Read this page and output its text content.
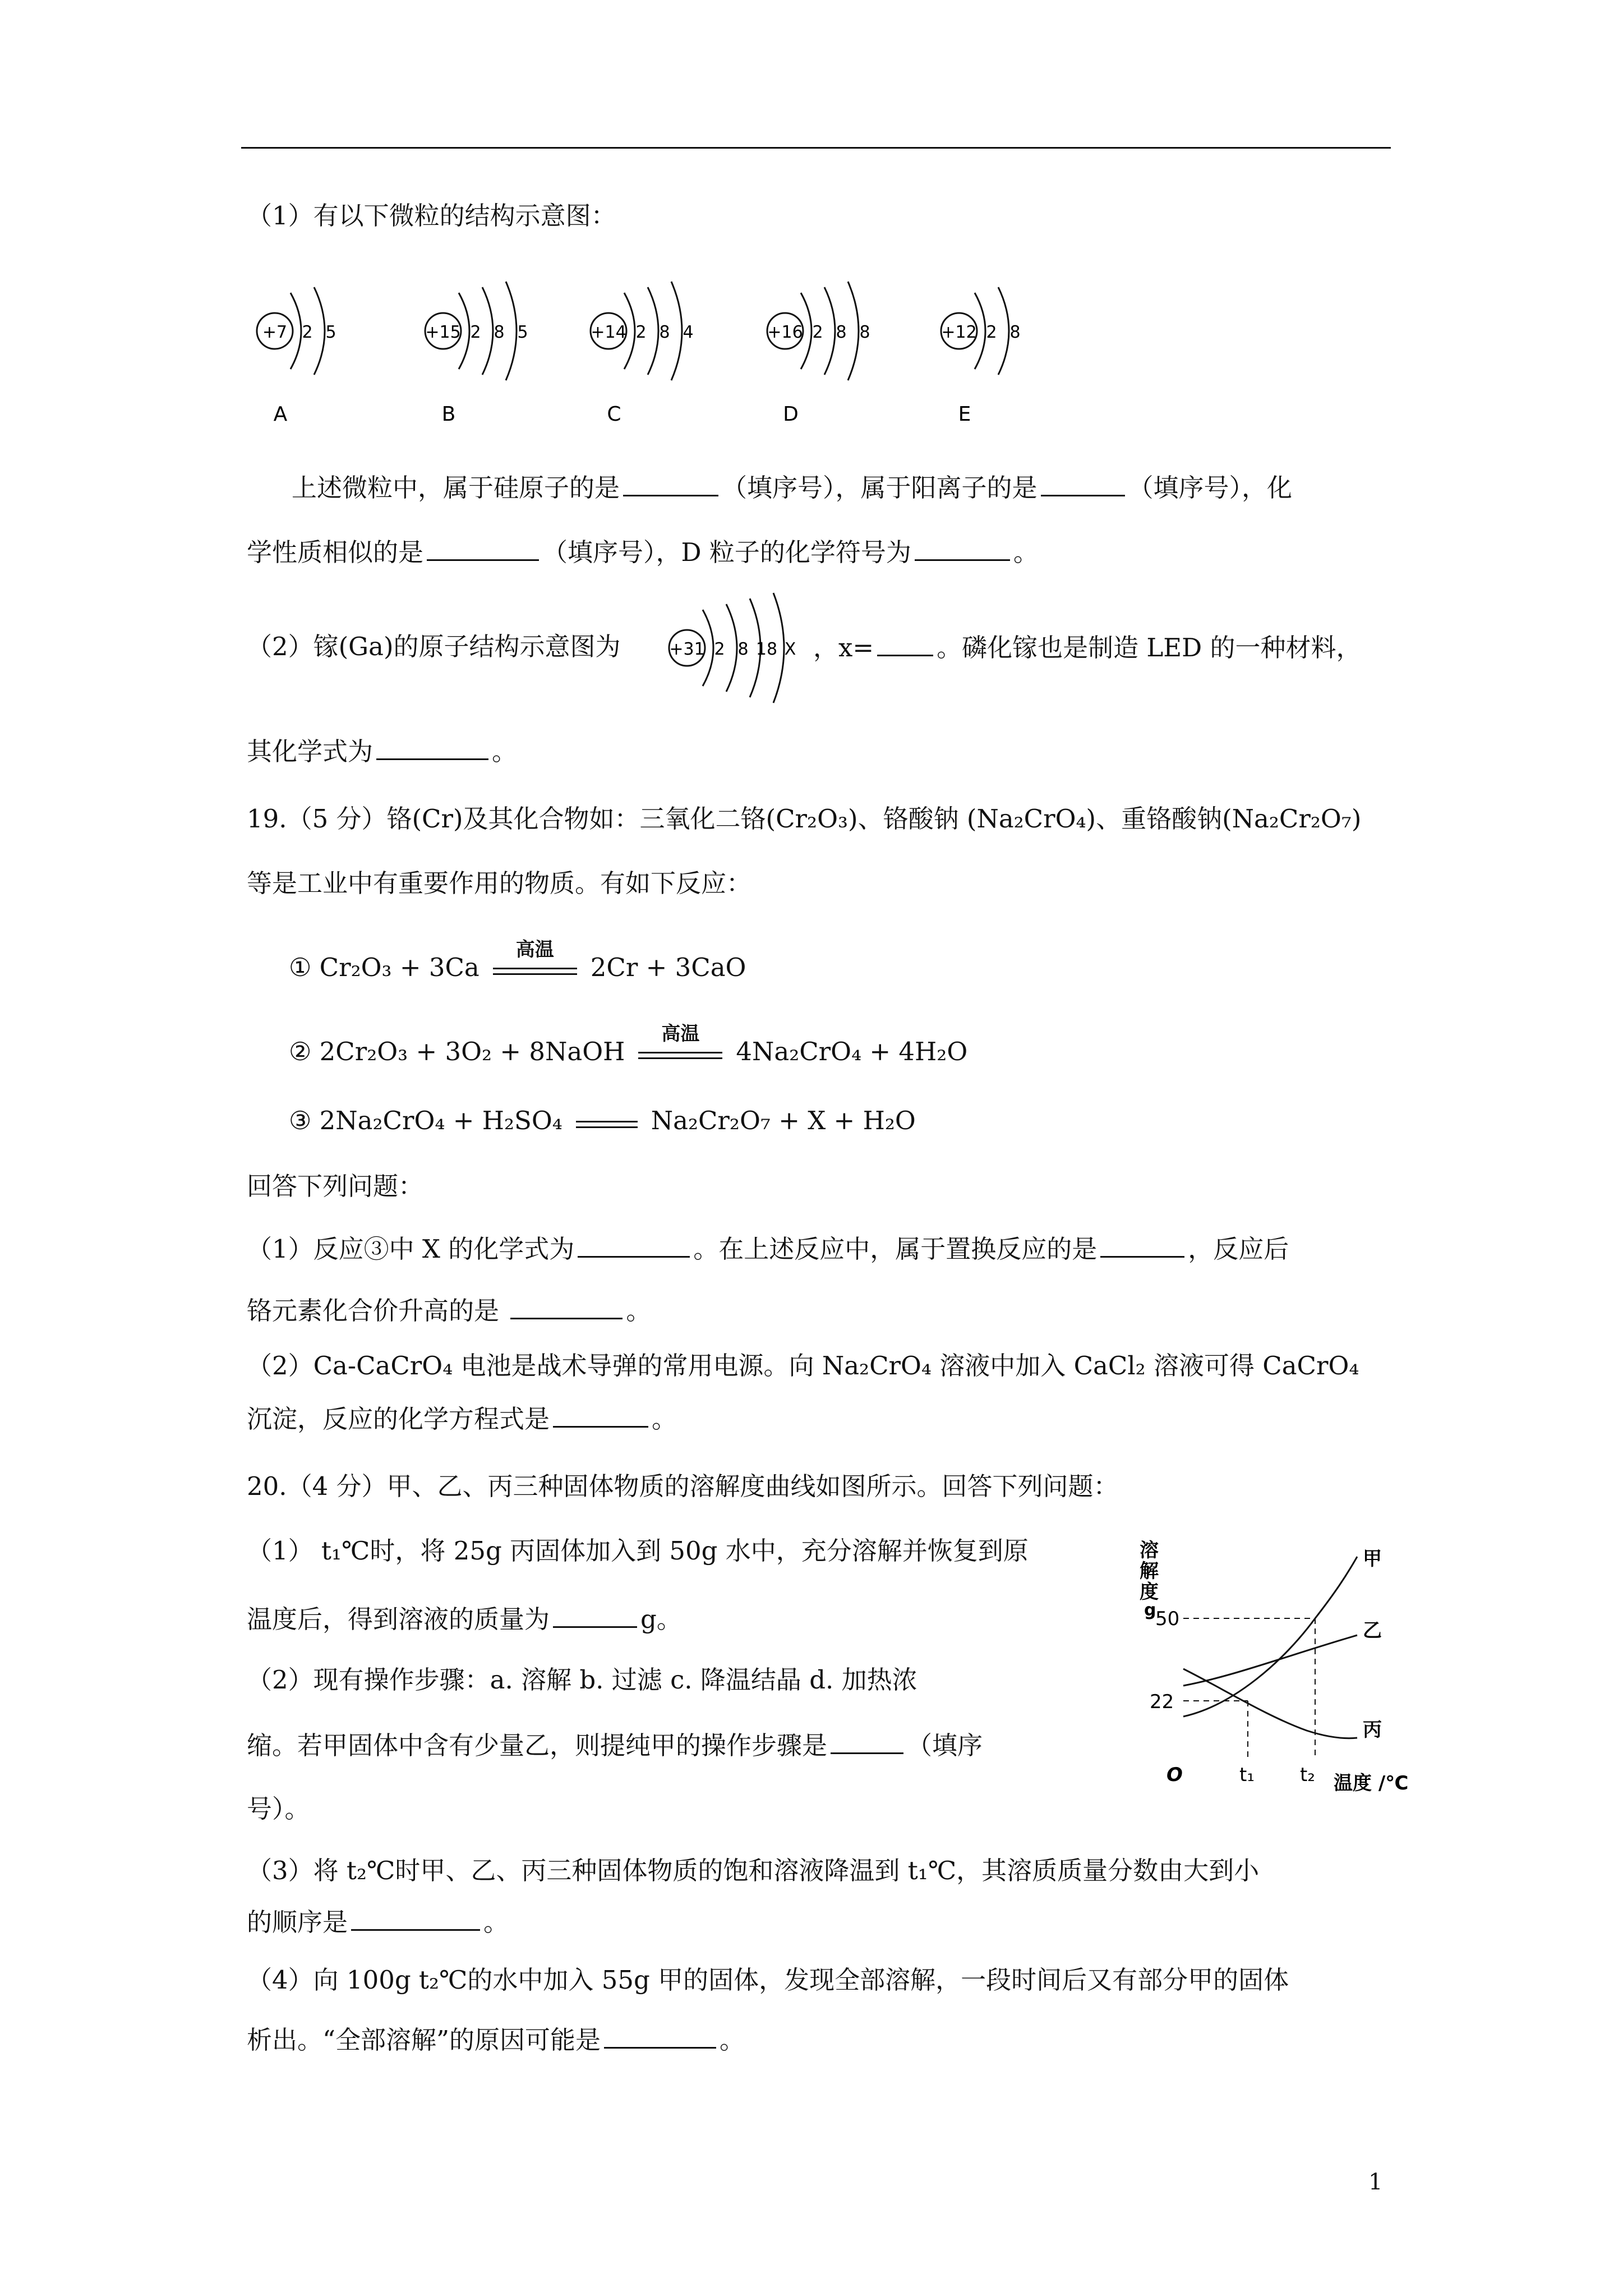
（1）有以下微粒的结构示意图：
+7 2 5
A
+15 2 8 5
B
+14 2 8 4
C
+16 2 8 8
D
+12 2 8
E
上述微粒中，属于硅原子的是	（填序号），属于阳离子的是	（填序号），化
学性质相似的是	（填序号），D 粒子的化学符号为	。
（2）镓(Ga)的原子结构示意图为	+31 2 8 18 X ，x= 。磷化镓也是制造 LED 的一种材料，
其化学式为	。
19.（5 分）铬(Cr)及其化合物如：三氧化二铬(Cr₂O₃)、铬酸钠 (Na₂CrO₄)、重铬酸钠(Na₂Cr₂O₇)
等是工业中有重要作用的物质。有如下反应：
① Cr₂O₃ + 3Ca
高温
2Cr + 3CaO
② 2Cr₂O₃ + 3O₂ + 8NaOH
高温
4Na₂CrO₄ + 4H₂O
③ 2Na₂CrO₄ + H₂SO₄	Na₂Cr₂O₇ + X + H₂O
回答下列问题：
（1）反应③中 X 的化学式为	。在上述反应中，属于置换反应的是	，反应后
铬元素化合价升高的是	。
（2）Ca-CaCrO₄ 电池是战术导弹的常用电源。向 Na₂CrO₄ 溶液中加入 CaCl₂ 溶液可得 CaCrO₄
沉淀，反应的化学方程式是	。
20.（4 分）甲、乙、丙三种固体物质的溶解度曲线如图所示。回答下列问题：
（1） t₁℃时，将 25g 丙固体加入到 50g 水中，充分溶解并恢复到原
温度后，得到溶液的质量为	g。
（2）现有操作步骤：a. 溶解 b. 过滤 c. 降温结晶 d. 加热浓
缩。若甲固体中含有少量乙，则提纯甲的操作步骤是	（填序
号）。
溶
解
度
g
50
22
O	t₁ t₂ 温度 /℃
甲
乙
丙
（3）将 t₂℃时甲、乙、丙三种固体物质的饱和溶液降温到 t₁℃，其溶质质量分数由大到小
的顺序是	。
（4）向 100g t₂℃的水中加入 55g 甲的固体，发现全部溶解，一段时间后又有部分甲的固体
析出。“全部溶解”的原因可能是	。
1
